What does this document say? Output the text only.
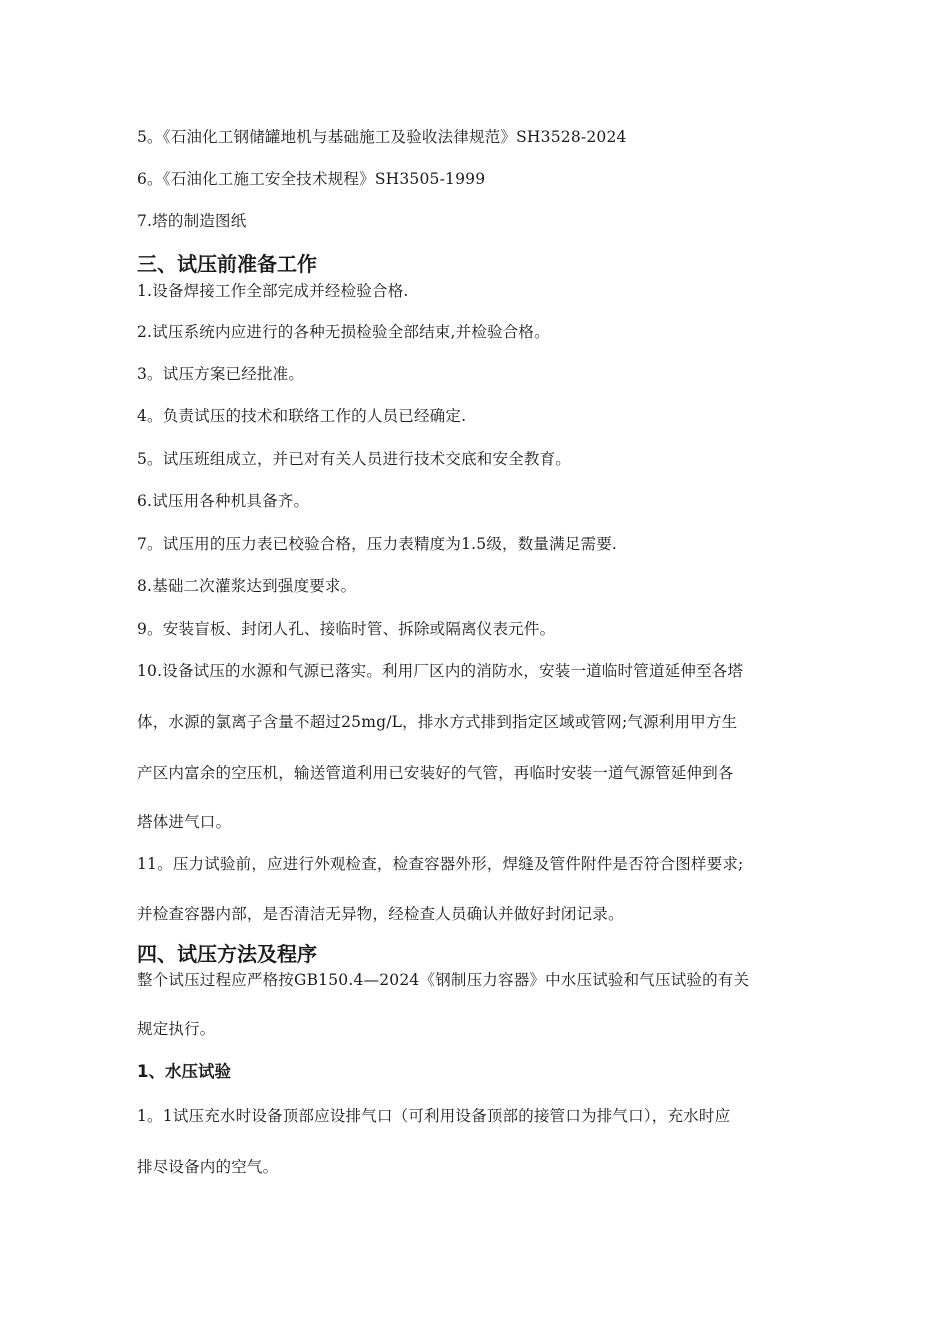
5。《石油化工钢储罐地机与基础施工及验收法律规范》SH3528-2024
6。《石油化工施工安全技术规程》SH3505-1999
7.塔的制造图纸
三、试压前准备工作
1.设备焊接工作全部完成并经检验合格.
2.试压系统内应进行的各种无损检验全部结束,并检验合格。
3。试压方案已经批准。
4。负责试压的技术和联络工作的人员已经确定.
5。试压班组成立，并已对有关人员进行技术交底和安全教育。
6.试压用各种机具备齐。
7。试压用的压力表已校验合格，压力表精度为1.5级，数量满足需要.
8.基础二次灌浆达到强度要求。
9。安装盲板、封闭人孔、接临时管、拆除或隔离仪表元件。
10.设备试压的水源和气源已落实。利用厂区内的消防水，安装一道临时管道延伸至各塔
体，水源的氯离子含量不超过25mg/L，排水方式排到指定区域或管网;气源利用甲方生
产区内富余的空压机，输送管道利用已安装好的气管，再临时安装一道气源管延伸到各
塔体进气口。
11。压力试验前，应进行外观检查，检查容器外形，焊缝及管件附件是否符合图样要求;
并检查容器内部，是否清洁无异物，经检查人员确认并做好封闭记录。
四、试压方法及程序
整个试压过程应严格按GB150.4—2024《钢制压力容器》中水压试验和气压试验的有关
规定执行。
1、水压试验
1。1试压充水时设备顶部应设排气口（可利用设备顶部的接管口为排气口），充水时应
排尽设备内的空气。
